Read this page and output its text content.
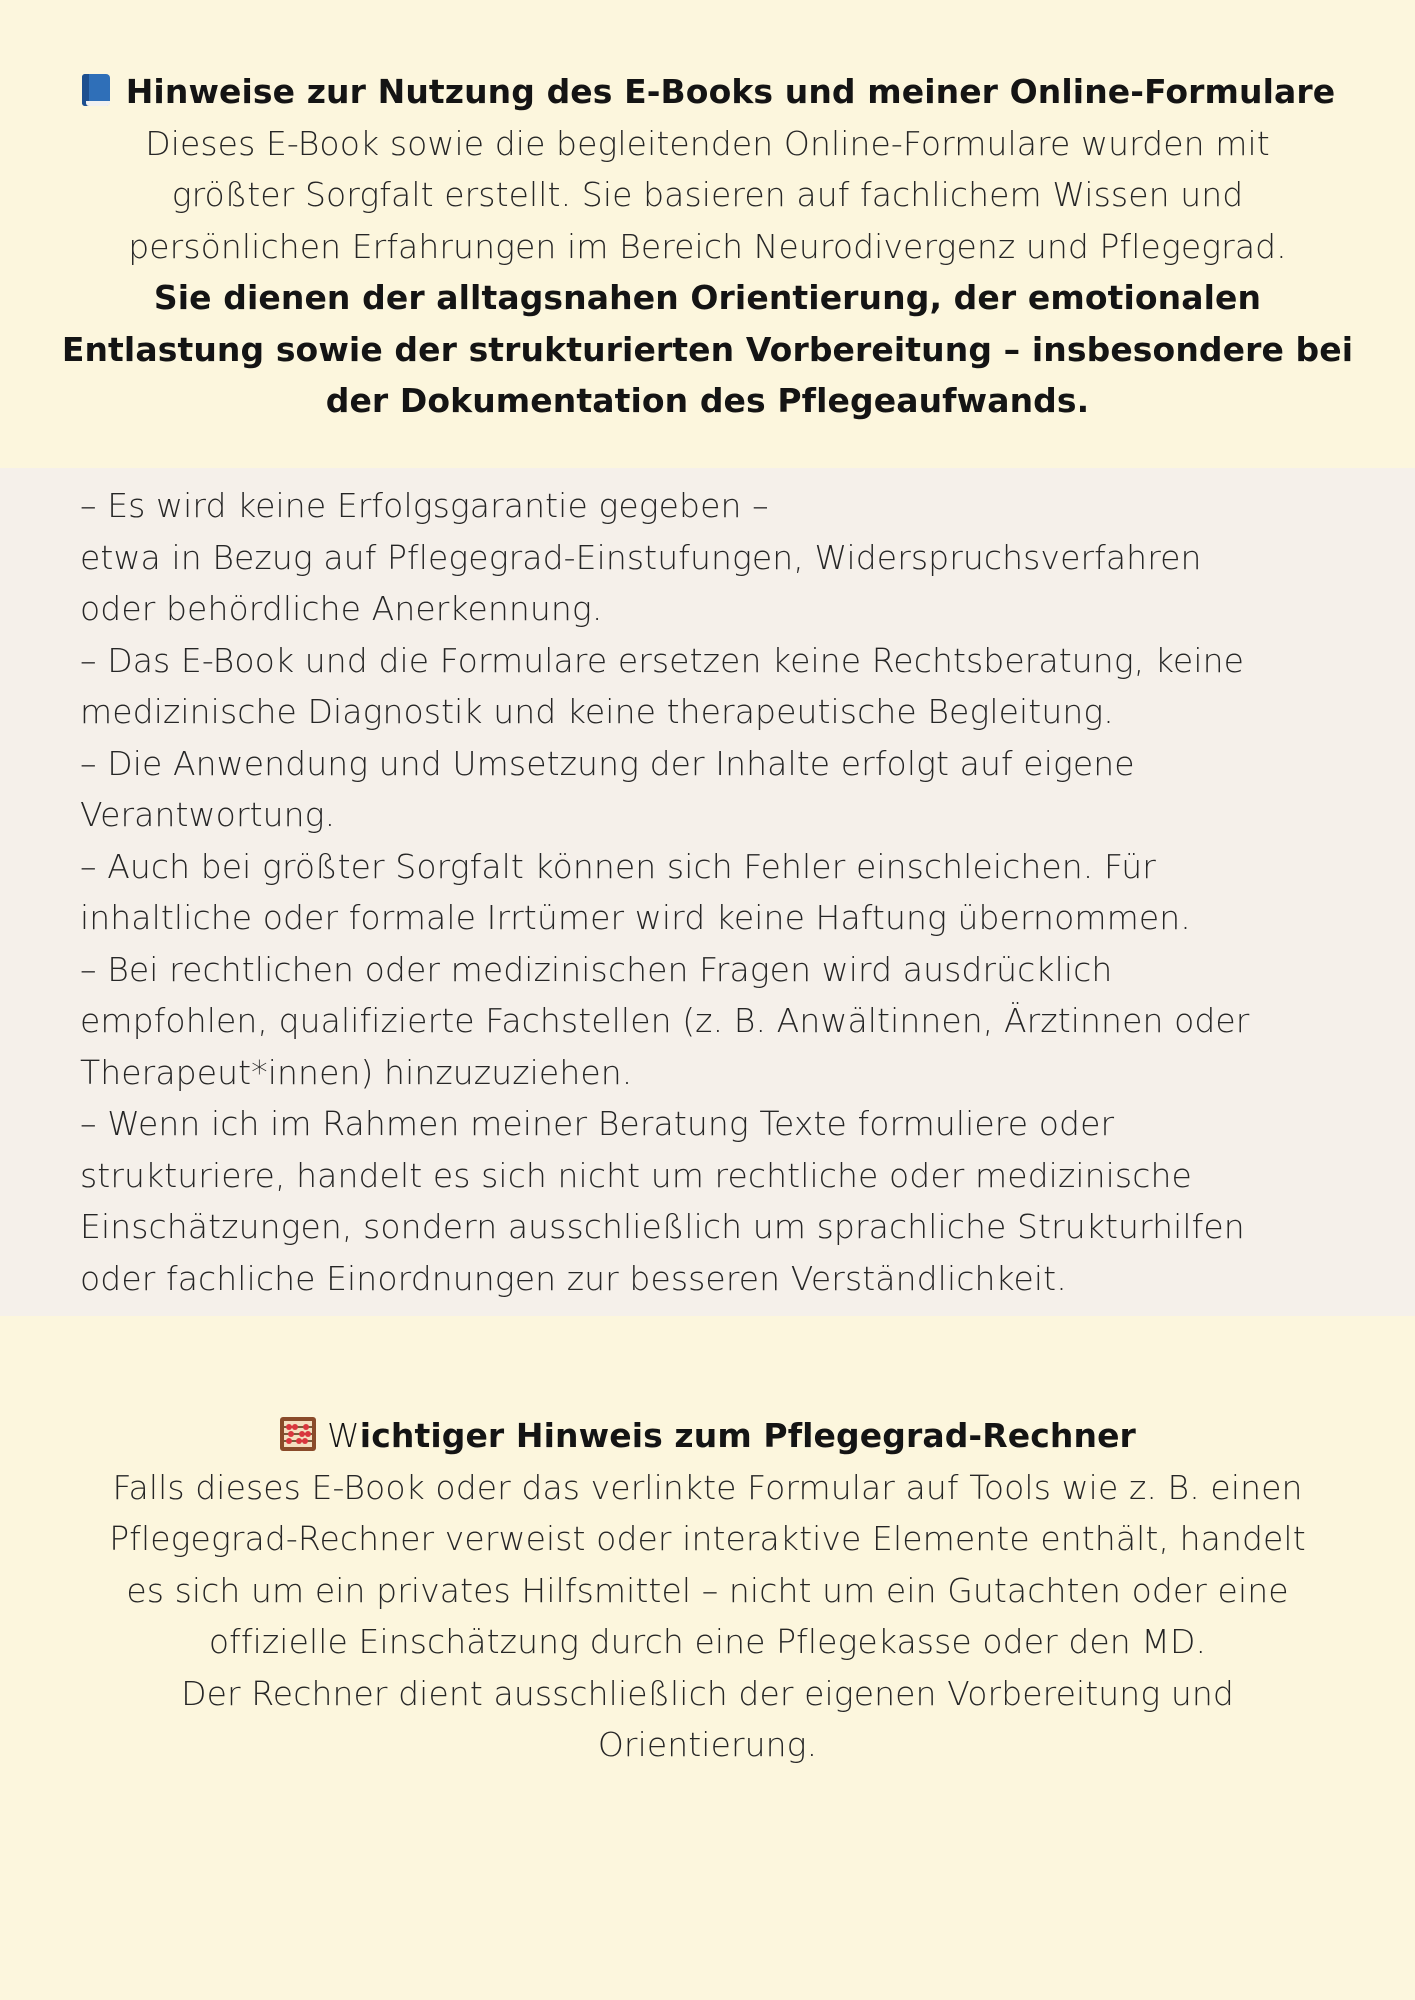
Hinweise zur Nutzung des E-Books und meiner Online-Formulare
Dieses E-Book sowie die begleitenden Online-Formulare wurden mit
größter Sorgfalt erstellt. Sie basieren auf fachlichem Wissen und
persönlichen Erfahrungen im Bereich Neurodivergenz und Pflegegrad.
Sie dienen der alltagsnahen Orientierung, der emotionalen
Entlastung sowie der strukturierten Vorbereitung – insbesondere bei
der Dokumentation des Pflegeaufwands.
– Es wird keine Erfolgsgarantie gegeben –
etwa in Bezug auf Pflegegrad-Einstufungen, Widerspruchsverfahren
oder behördliche Anerkennung.
– Das E-Book und die Formulare ersetzen keine Rechtsberatung, keine
medizinische Diagnostik und keine therapeutische Begleitung.
– Die Anwendung und Umsetzung der Inhalte erfolgt auf eigene
Verantwortung.
– Auch bei größter Sorgfalt können sich Fehler einschleichen. Für
inhaltliche oder formale Irrtümer wird keine Haftung übernommen.
– Bei rechtlichen oder medizinischen Fragen wird ausdrücklich
empfohlen, qualifizierte Fachstellen (z. B. Anwältinnen, Ärztinnen oder
Therapeut*innen) hinzuzuziehen.
– Wenn ich im Rahmen meiner Beratung Texte formuliere oder
strukturiere, handelt es sich nicht um rechtliche oder medizinische
Einschätzungen, sondern ausschließlich um sprachliche Strukturhilfen
oder fachliche Einordnungen zur besseren Verständlichkeit.
Wichtiger Hinweis zum Pflegegrad-Rechner
Falls dieses E-Book oder das verlinkte Formular auf Tools wie z. B. einen
Pflegegrad-Rechner verweist oder interaktive Elemente enthält, handelt
es sich um ein privates Hilfsmittel – nicht um ein Gutachten oder eine
offizielle Einschätzung durch eine Pflegekasse oder den MD.
Der Rechner dient ausschließlich der eigenen Vorbereitung und
Orientierung.
